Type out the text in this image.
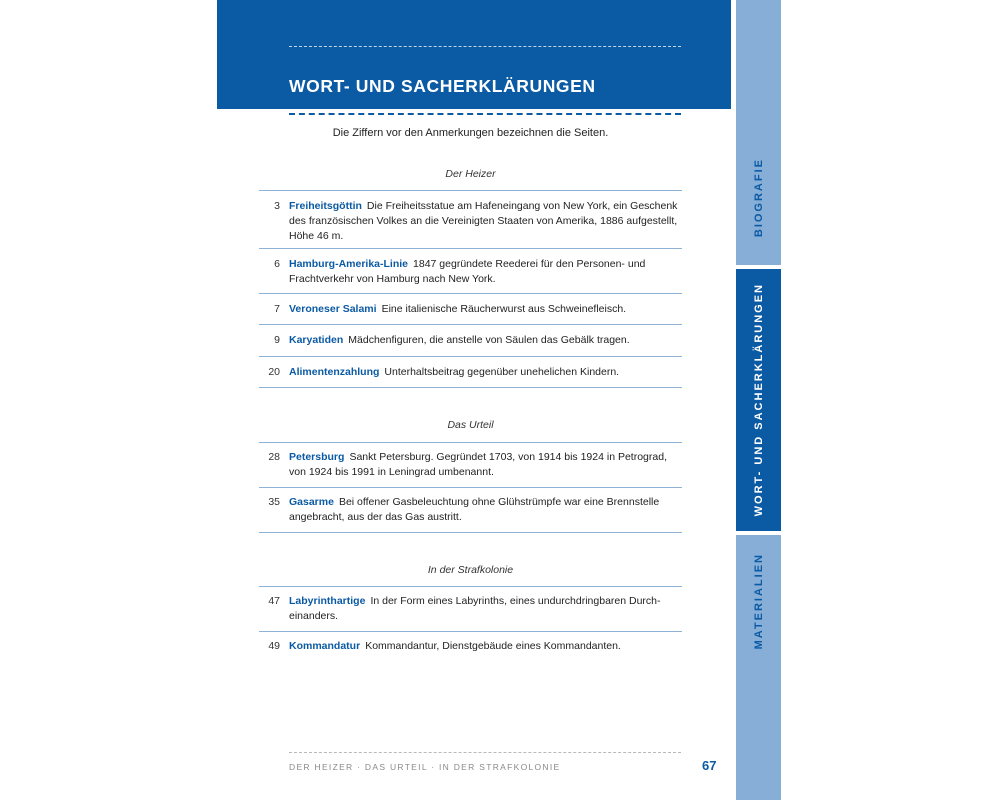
WORT- UND SACHERKLÄRUNGEN
Die Ziffern vor den Anmerkungen bezeichnen die Seiten.
Der Heizer
3 Freiheitsgöttin Die Freiheitsstatue am Hafeneingang von New York, ein Geschenk des französischen Volkes an die Vereinigten Staaten von Amerika, 1886 aufgestellt, Höhe 46 m.
6 Hamburg-Amerika-Linie 1847 gegründete Reederei für den Personen- und Frachtverkehr von Hamburg nach New York.
7 Veroneser Salami Eine italienische Räucherwurst aus Schweinefleisch.
9 Karyatiden Mädchenfiguren, die anstelle von Säulen das Gebälk tragen.
20 Alimentenzahlung Unterhaltsbeitrag gegenüber unehelichen Kindern.
Das Urteil
28 Petersburg Sankt Petersburg. Gegründet 1703, von 1914 bis 1924 in Petrograd, von 1924 bis 1991 in Leningrad umbenannt.
35 Gasarme Bei offener Gasbeleuchtung ohne Glühstrümpfe war eine Brennstelle angebracht, aus der das Gas austritt.
In der Strafkolonie
47 Labyrinthartige In der Form eines Labyrinths, eines undurchdringbaren Durcheinanders.
49 Kommandatur Kommandantur, Dienstgebäude eines Kommandanten.
DER HEIZER · DAS URTEIL · IN DER STRAFKOLONIE	67
BIOGRAFIE
WORT- UND SACHERKLÄRUNGEN
MATERIALIEN
